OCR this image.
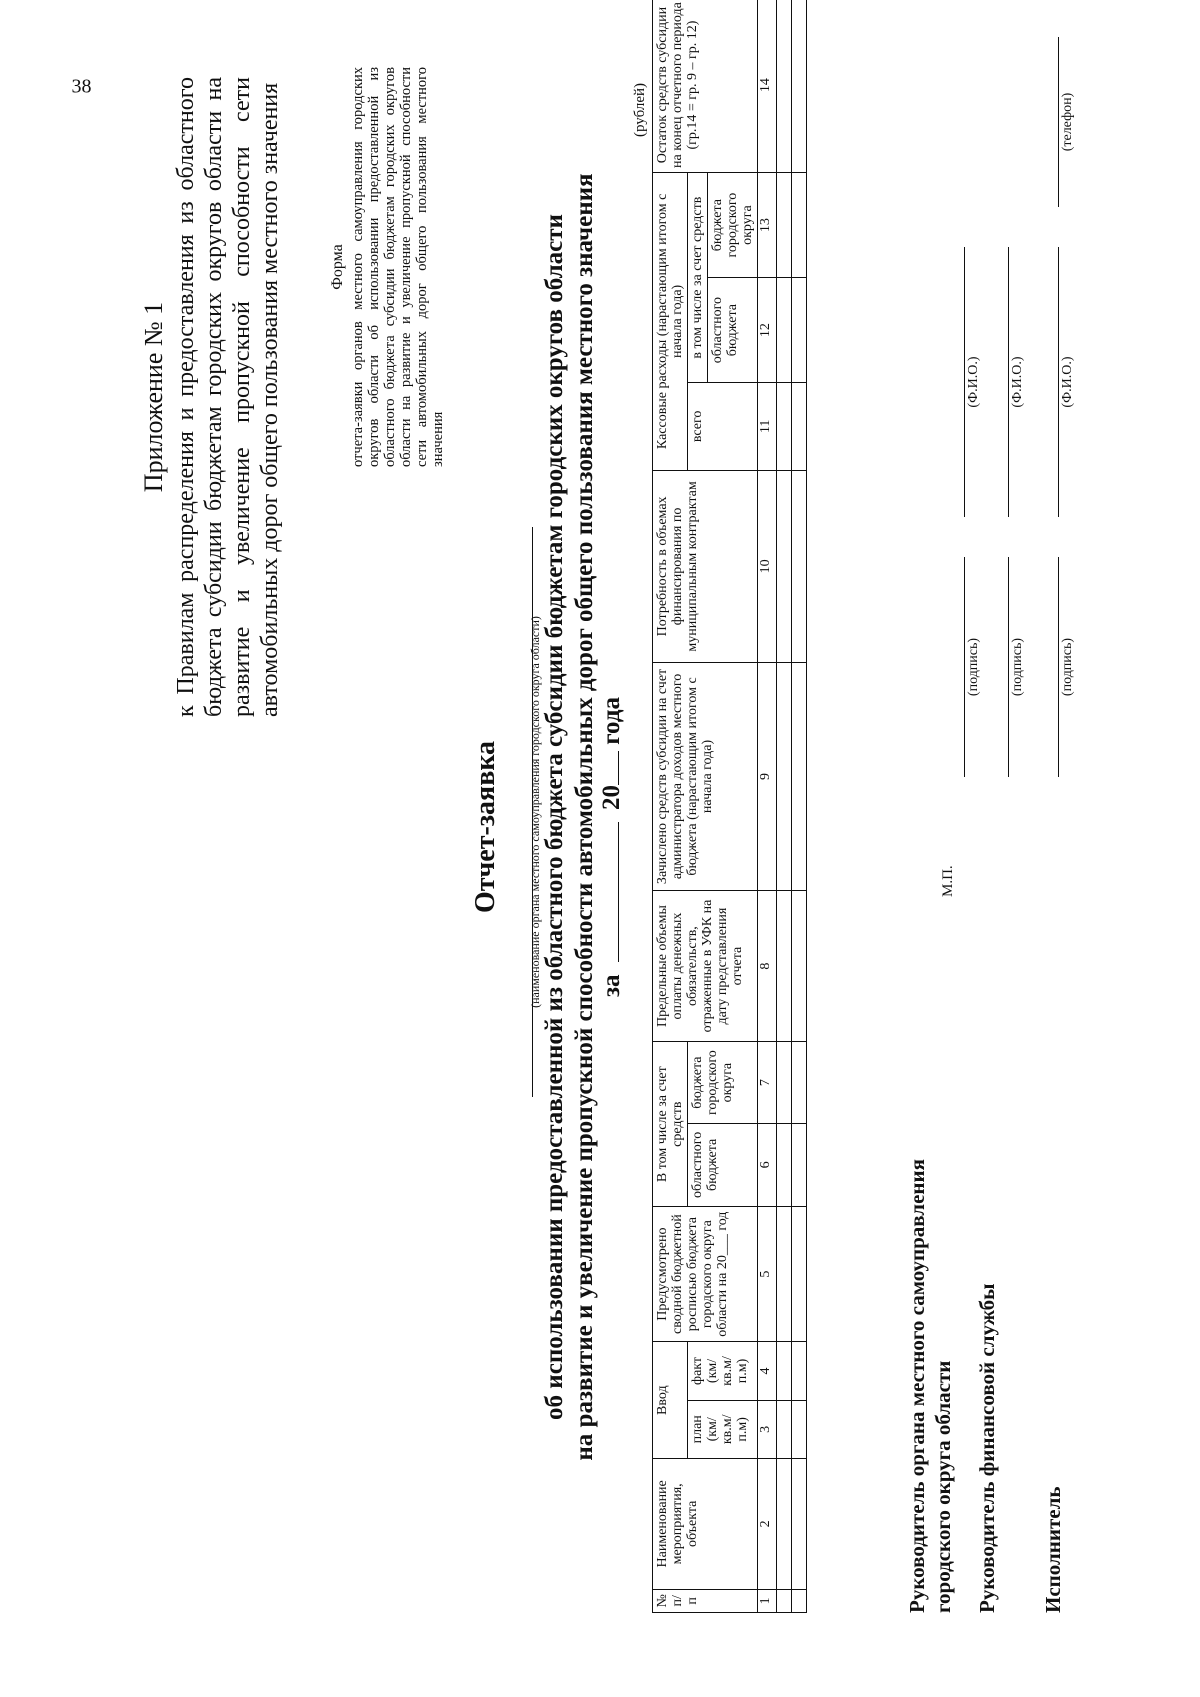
38
Приложение № 1 к Правилам распределения и предоставления из областного бюджета субсидии бюджетам городских округов области на развитие и увеличение пропускной способности сети автомобильных дорог общего пользования местного значения	Форма отчета-заявки органов местного самоуправления городских округов области об использовании предоставленной из областного бюджета субсидии бюджетам городских округов области на развитие и увеличение пропускной способности сети автомобильных дорог общего пользования местного значения
Отчет-заявка (наименование органа местного самоуправления городского округа области) об использовании предоставленной из областного бюджета субсидии бюджетам городских округов области на развитие и увеличение пропускной способности автомобильных дорог общего пользования местного значения за  20 года
(рублей)
№ п/п	Наименование мероприятия, объекта	Ввод		Предусмотрено сводной бюджетной росписью бюджета городского округа области на 20___ год	В том числе за счет средств		Предельные объемы оплаты денежных обязательств, отраженные в УФК на дату представления отчета	Зачислено средств субсидии на счет администратора доходов местного бюджета (нарастающим итогом с начала года)	Потребность в объемах финансирования по муниципальным контрактам	Кассовые расходы (нарастающим итогом с начала года)			Остаток средств субсидии на конец отчетного периода (гр.14 = гр. 9 – гр. 12)
		план (км/ кв.м/ п.м)	факт (км/ кв.м/ п.м)		областного бюджета	бюджета городского округа				всего	в том числе за счет средств		
											областного бюджета	бюджета городского округа	
1	2	3	4	5	6	7	8	9	10	11	12	13	14

Руководитель органа местного самоуправления городского округа области Руководитель финансовой службы Исполнитель
М.П.
(подпись)
(Ф.И.О.)
(подпись)
(Ф.И.О.)
(подпись)
(Ф.И.О.)
(телефон)
